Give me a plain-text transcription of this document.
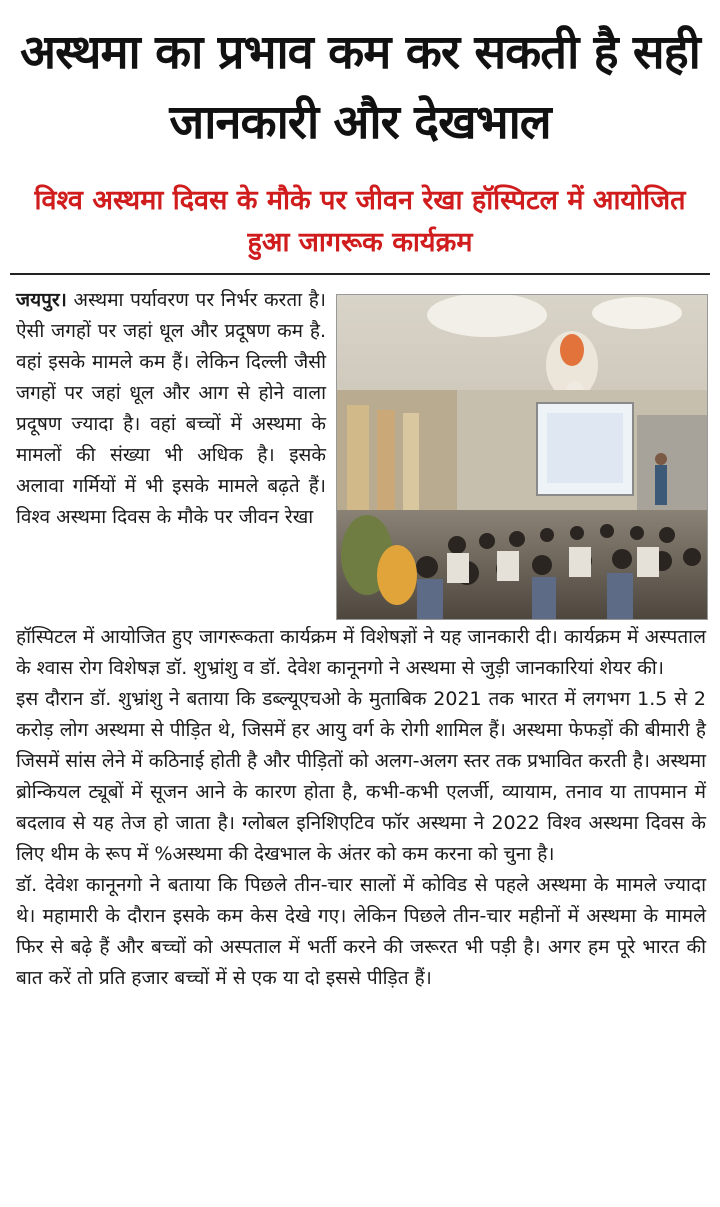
अस्थमा का प्रभाव कम कर सकती है सही जानकारी और देखभाल
विश्व अस्थमा दिवस के मौके पर जीवन रेखा हॉस्पिटल में आयोजित हुआ जागरूक कार्यक्रम
जयपुर। अस्थमा पर्यावरण पर निर्भर करता है। ऐसी जगहों पर जहां धूल और प्रदूषण कम है. वहां इसके मामले कम हैं। लेकिन दिल्ली जैसी जगहों पर जहां धूल और आग से होने वाला प्रदूषण ज्यादा है। वहां बच्चों में अस्थमा के मामलों की संख्या भी अधिक है। इसके अलावा गर्मियों में भी इसके मामले बढ़ते हैं। विश्व अस्थमा दिवस के मौके पर जीवन रेखा

हॉस्पिटल में आयोजित हुए जागरूकता कार्यक्रम में विशेषज्ञों ने यह जानकारी दी। कार्यक्रम में अस्पताल के श्वास रोग विशेषज्ञ डॉ. शुभ्रांशु व डॉ. देवेश कानूनगो ने अस्थमा से जुड़ी जानकारियां शेयर की।

इस दौरान डॉ. शुभ्रांशु ने बताया कि डब्ल्यूएचओ के मुताबिक 2021 तक भारत में लगभग 1.5 से 2 करोड़ लोग अस्थमा से पीड़ित थे, जिसमें हर आयु वर्ग के रोगी शामिल हैं। अस्थमा फेफड़ों की बीमारी है जिसमें सांस लेने में कठिनाई होती है और पीड़ितों को अलग-अलग स्तर तक प्रभावित करती है। अस्थमा ब्रोन्कियल ट्यूबों में सूजन आने के कारण होता है, कभी-कभी एलर्जी, व्यायाम, तनाव या तापमान में बदलाव से यह तेज हो जाता है। ग्लोबल इनिशिएटिव फॉर अस्थमा ने 2022 विश्व अस्थमा दिवस के लिए थीम के रूप में %अस्थमा की देखभाल के अंतर को कम करना को चुना है।

डॉ. देवेश कानूनगो ने बताया कि पिछले तीन-चार सालों में कोविड से पहले अस्थमा के मामले ज्यादा थे। महामारी के दौरान इसके कम केस देखे गए। लेकिन पिछले तीन-चार महीनों में अस्थमा के मामले फिर से बढ़े हैं और बच्चों को अस्पताल में भर्ती करने की जरूरत भी पड़ी है। अगर हम पूरे भारत की बात करें तो प्रति हजार बच्चों में से एक या दो इससे पीड़ित हैं।
